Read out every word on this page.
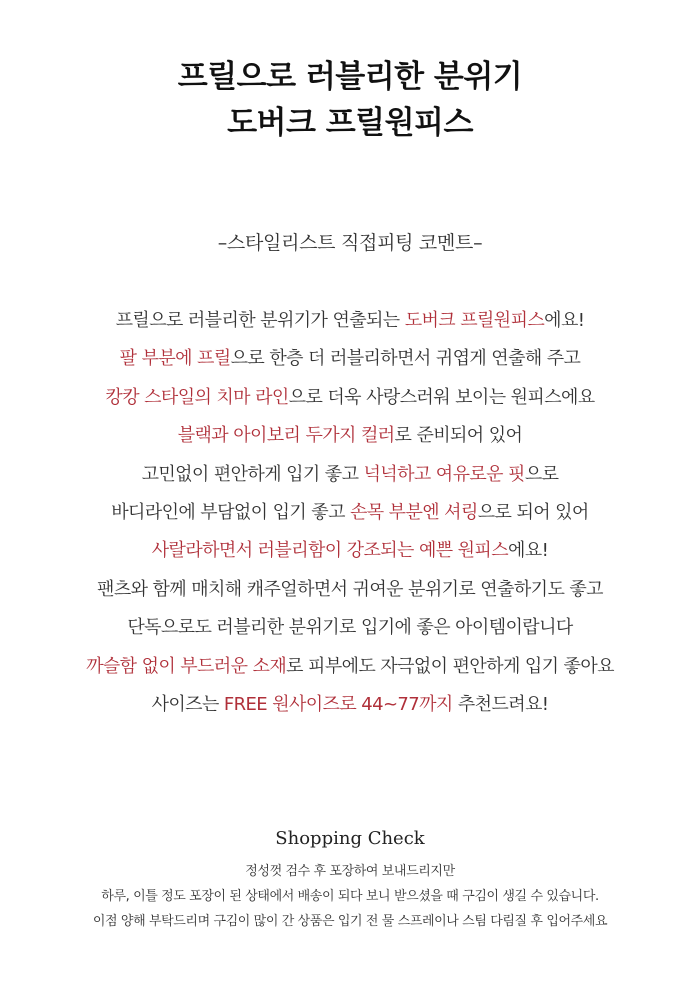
프릴으로 러블리한 분위기
도버크 프릴원피스
–스타일리스트 직접피팅 코멘트–
프릴으로 러블리한 분위기가 연출되는 도버크 프릴원피스에요!
팔 부분에 프릴으로 한층 더 러블리하면서 귀엽게 연출해 주고
캉캉 스타일의 치마 라인으로 더욱 사랑스러워 보이는 원피스에요
블랙과 아이보리 두가지 컬러로 준비되어 있어
고민없이 편안하게 입기 좋고 넉넉하고 여유로운 핏으로
바디라인에 부담없이 입기 좋고 손목 부분엔 셔링으로 되어 있어
사랄라하면서 러블리함이 강조되는 예쁜 원피스에요!
팬츠와 함께 매치해 캐주얼하면서 귀여운 분위기로 연출하기도 좋고
단독으로도 러블리한 분위기로 입기에 좋은 아이템이랍니다
까슬함 없이 부드러운 소재로 피부에도 자극없이 편안하게 입기 좋아요
사이즈는 FREE 원사이즈로 44~77까지 추천드려요!
Shopping Check
정성껏 검수 후 포장하여 보내드리지만
하루, 이틀 정도 포장이 된 상태에서 배송이 되다 보니 받으셨을 때 구김이 생길 수 있습니다.
이점 양해 부탁드리며 구김이 많이 간 상품은 입기 전 물 스프레이나 스팀 다림질 후 입어주세요
